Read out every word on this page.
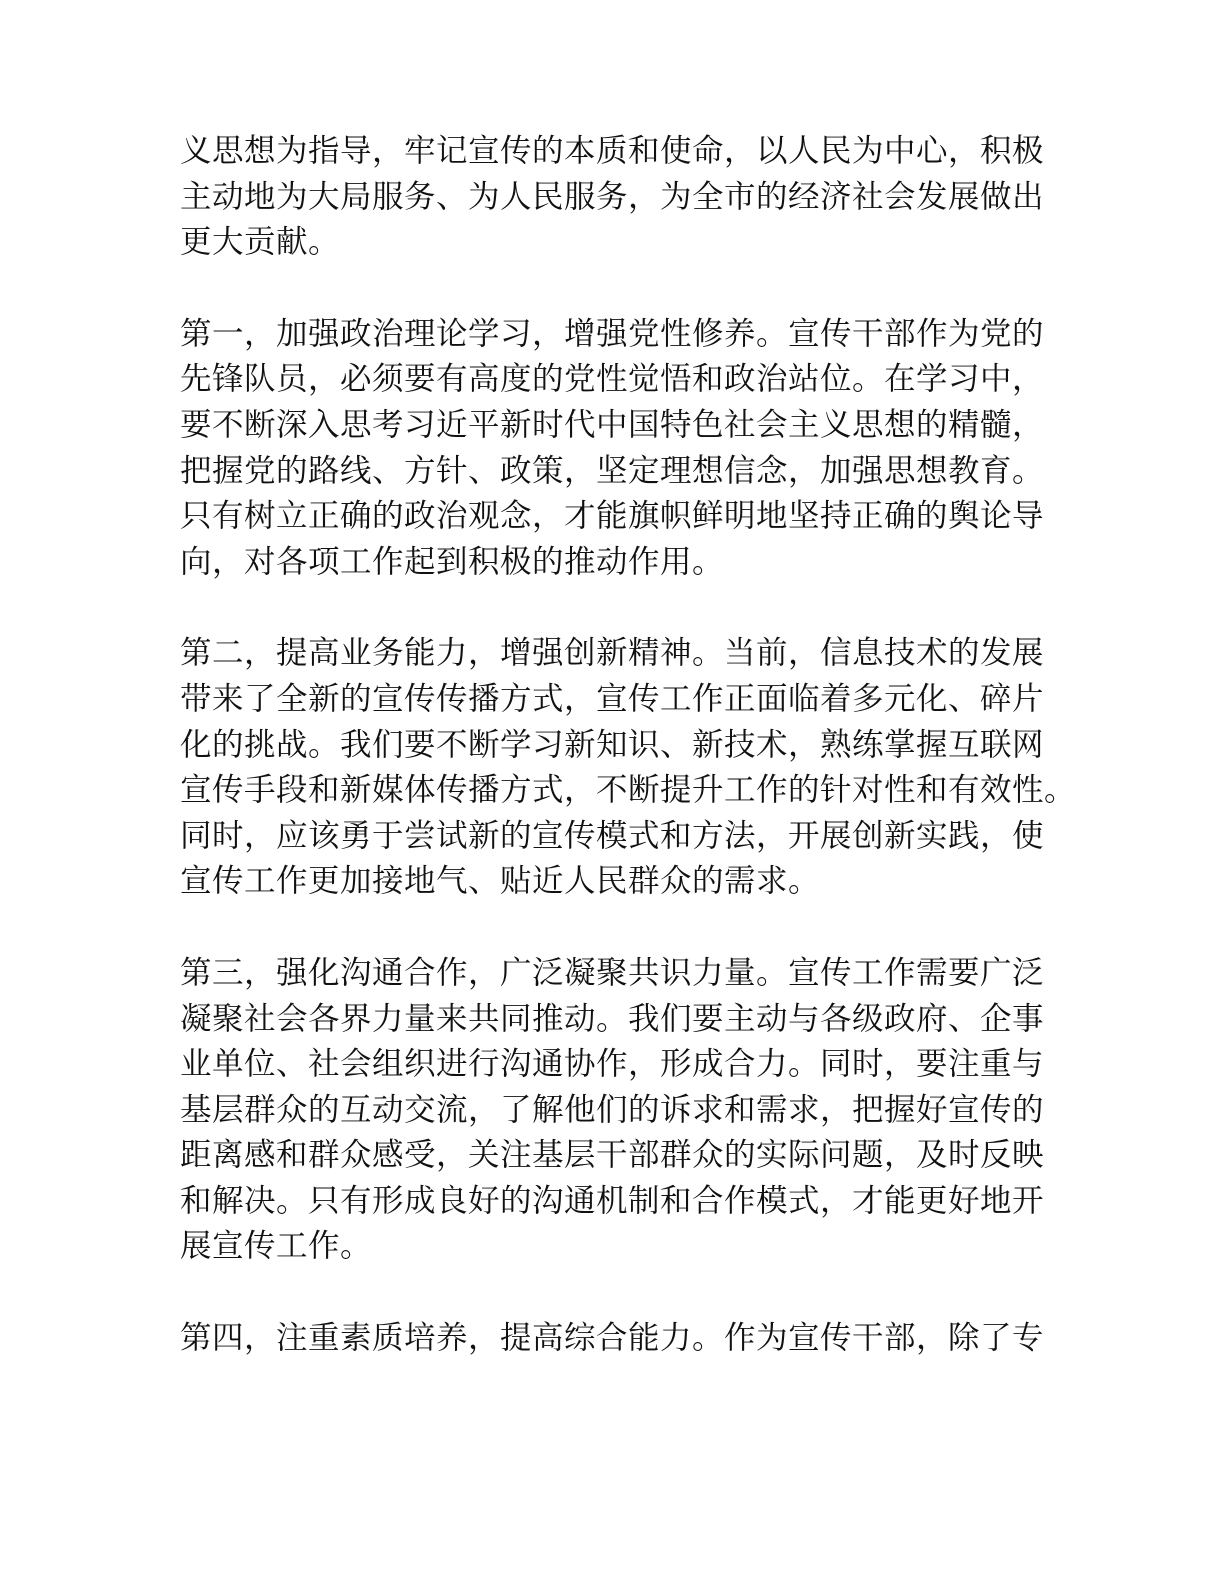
义思想为指导，牢记宣传的本质和使命，以人民为中心，积极
主动地为大局服务、为人民服务，为全市的经济社会发展做出
更大贡献。
第一，加强政治理论学习，增强党性修养。宣传干部作为党的
先锋队员，必须要有高度的党性觉悟和政治站位。在学习中，
要不断深入思考习近平新时代中国特色社会主义思想的精髓，
把握党的路线、方针、政策，坚定理想信念，加强思想教育。
只有树立正确的政治观念，才能旗帜鲜明地坚持正确的舆论导
向，对各项工作起到积极的推动作用。
第二，提高业务能力，增强创新精神。当前，信息技术的发展
带来了全新的宣传传播方式，宣传工作正面临着多元化、碎片
化的挑战。我们要不断学习新知识、新技术，熟练掌握互联网
宣传手段和新媒体传播方式，不断提升工作的针对性和有效性。
同时，应该勇于尝试新的宣传模式和方法，开展创新实践，使
宣传工作更加接地气、贴近人民群众的需求。
第三，强化沟通合作，广泛凝聚共识力量。宣传工作需要广泛
凝聚社会各界力量来共同推动。我们要主动与各级政府、企事
业单位、社会组织进行沟通协作，形成合力。同时，要注重与
基层群众的互动交流，了解他们的诉求和需求，把握好宣传的
距离感和群众感受，关注基层干部群众的实际问题，及时反映
和解决。只有形成良好的沟通机制和合作模式，才能更好地开
展宣传工作。
第四，注重素质培养，提高综合能力。作为宣传干部，除了专
